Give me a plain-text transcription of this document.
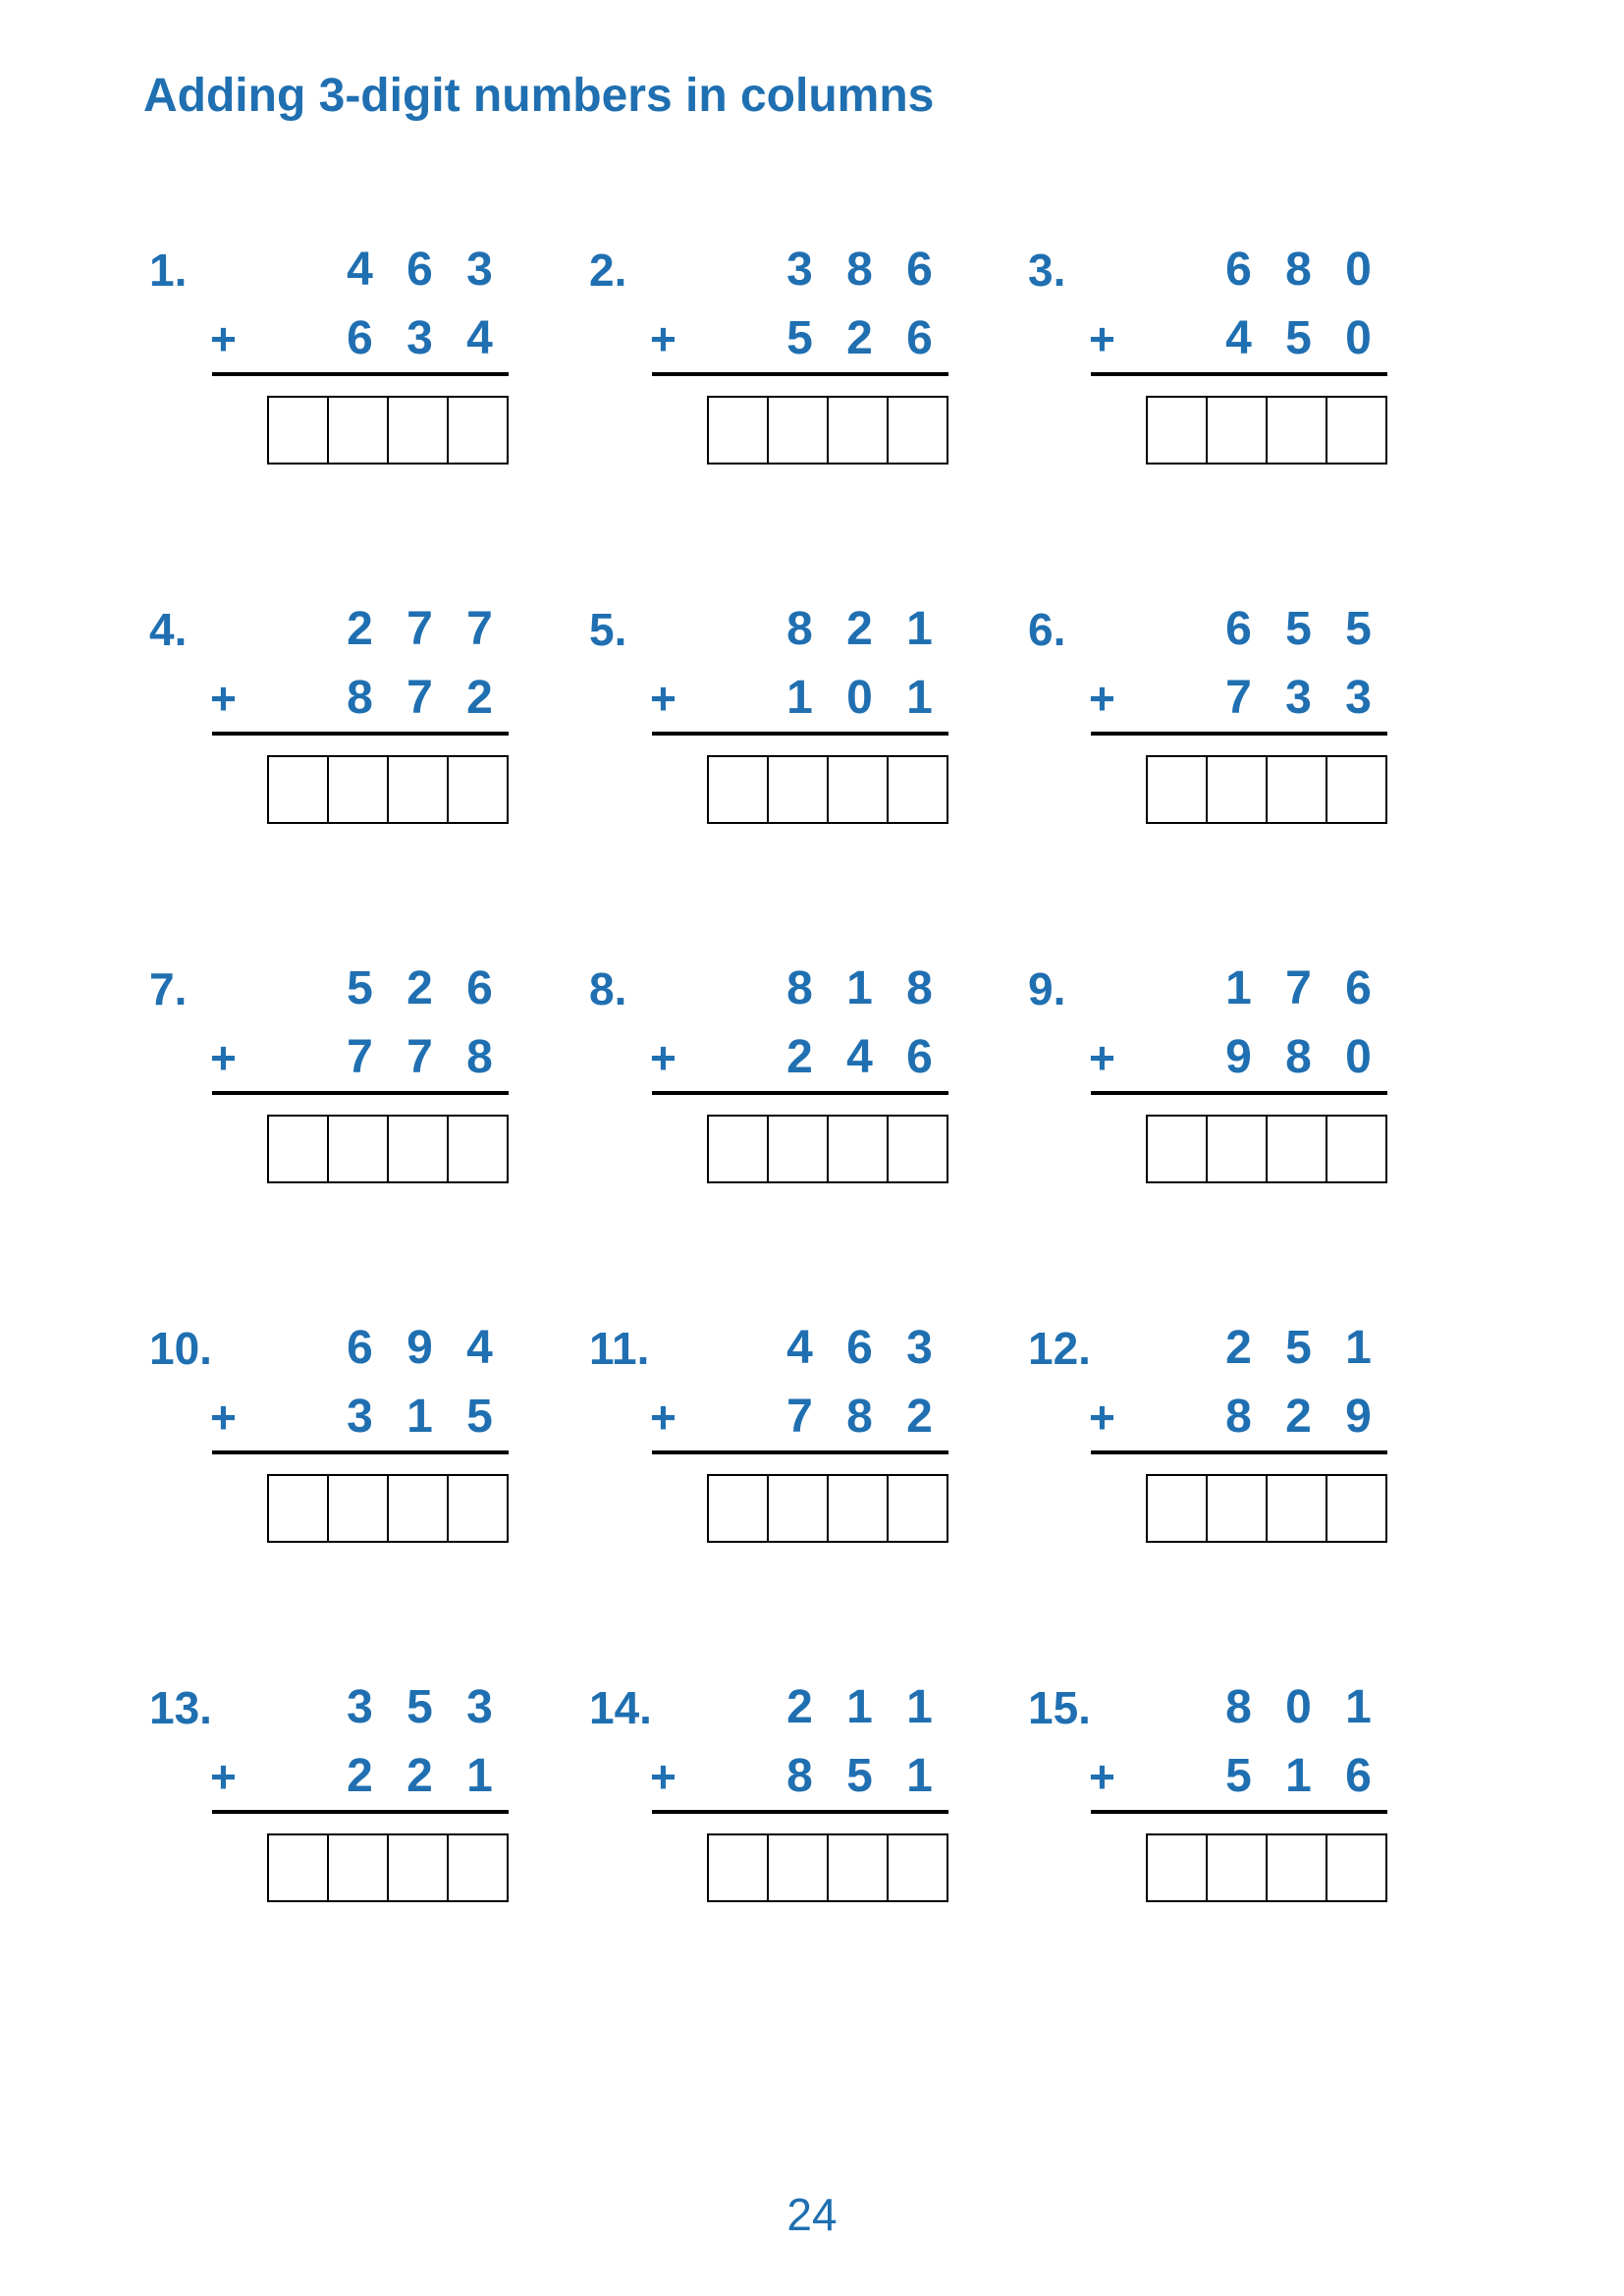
Adding 3-digit numbers in columns
1.	4 6 3
+	6 3 4
2.	3 8 6
+	5 2 6
3.	6 8 0
+	4 5 0
4.	2 7 7
+	8 7 2
5.	8 2 1
+	1 0 1
6.	6 5 5
+	7 3 3
7.	5 2 6
+	7 7 8
8.	8 1 8
+	2 4 6
9.	1 7 6
+	9 8 0
10.	6 9 4
+	3 1 5
11.	4 6 3
+	7 8 2
12.	2 5 1
+	8 2 9
13.	3 5 3
+	2 2 1
14.	2 1 1
+	8 5 1
15.	8 0 1
+	5 1 6
24
